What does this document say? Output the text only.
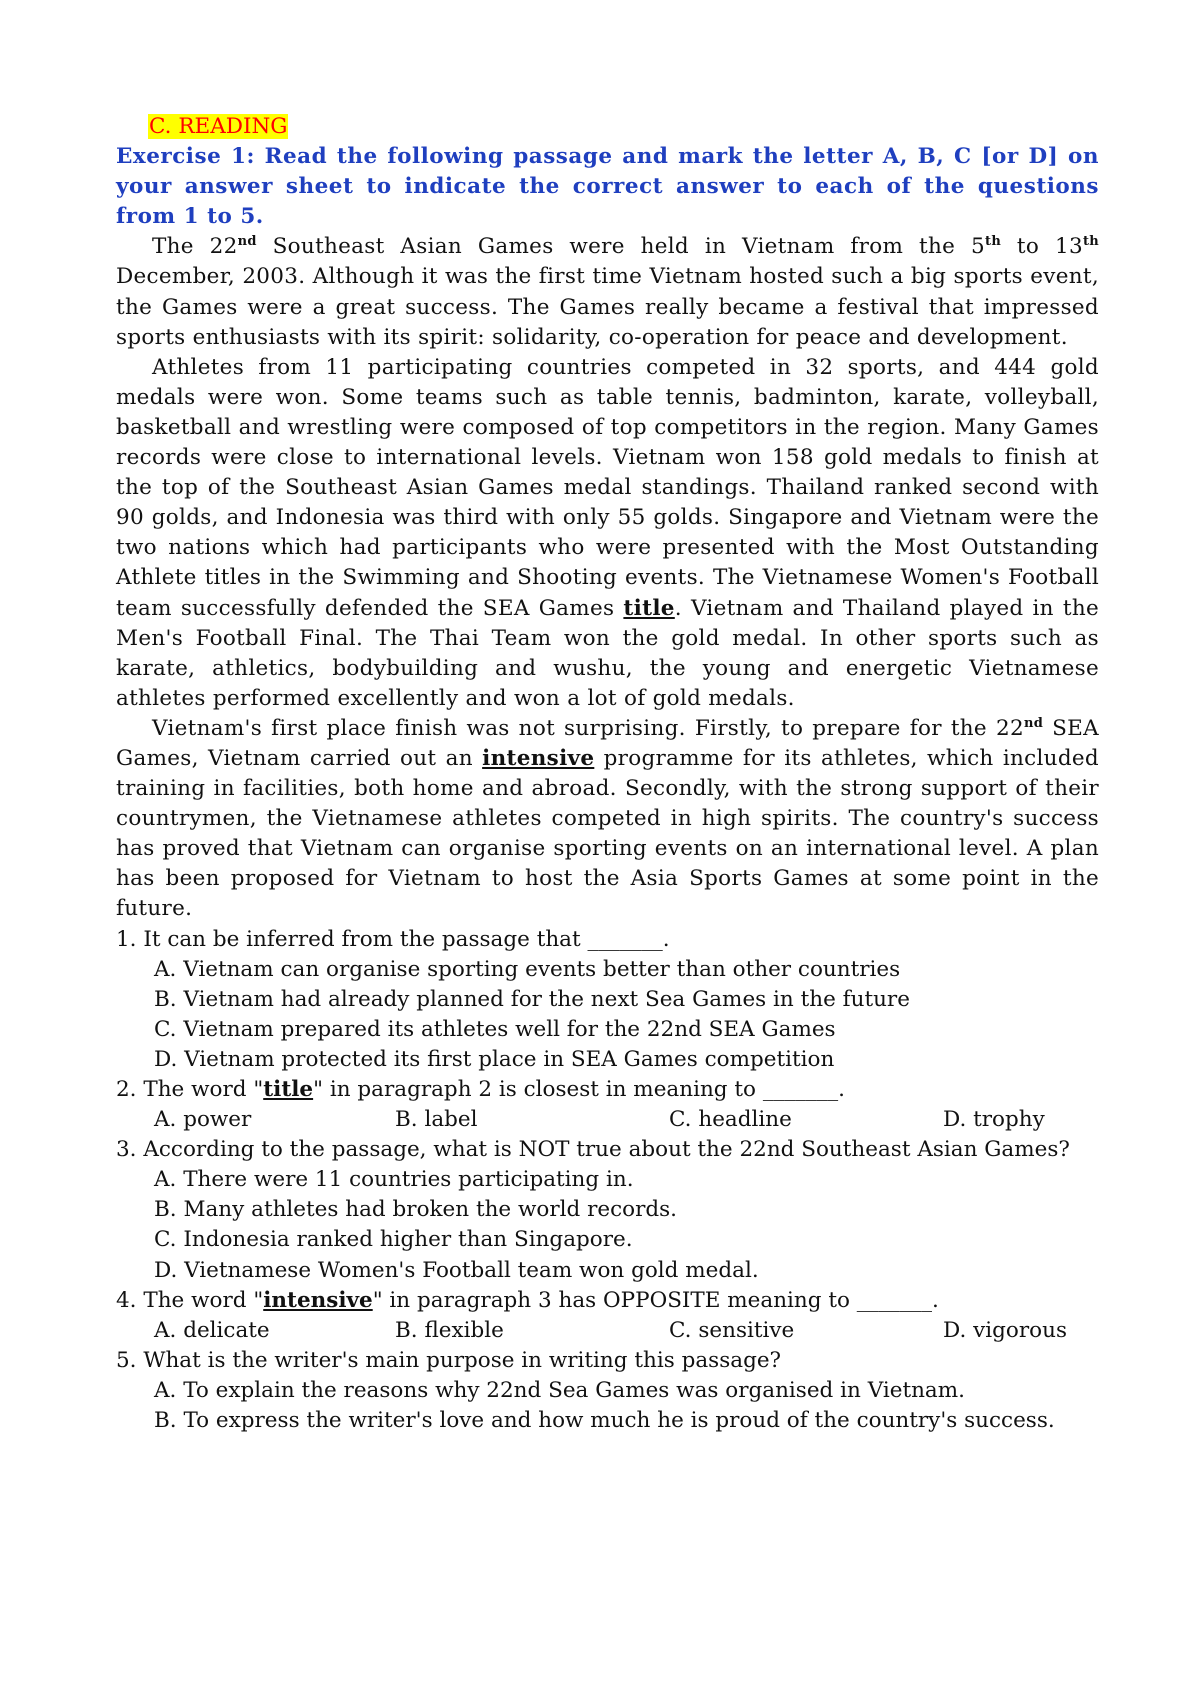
C. READING

Exercise 1: Read the following passage and mark the letter A, B, C [or D] on your answer sheet to indicate the correct answer to each of the questions from 1 to 5.

The 22nd Southeast Asian Games were held in Vietnam from the 5th to 13th December, 2003. Although it was the first time Vietnam hosted such a big sports event, the Games were a great success. The Games really became a festival that impressed sports enthusiasts with its spirit: solidarity, co-operation for peace and development.

Athletes from 11 participating countries competed in 32 sports, and 444 gold medals were won. Some teams such as table tennis, badminton, karate, volleyball, basketball and wrestling were composed of top competitors in the region. Many Games records were close to international levels. Vietnam won 158 gold medals to finish at the top of the Southeast Asian Games medal standings. Thailand ranked second with 90 golds, and Indonesia was third with only 55 golds. Singapore and Vietnam were the two nations which had participants who were presented with the Most Outstanding Athlete titles in the Swimming and Shooting events. The Vietnamese Women's Football team successfully defended the SEA Games title. Vietnam and Thailand played in the Men's Football Final. The Thai Team won the gold medal. In other sports such as karate, athletics, bodybuilding and wushu, the young and energetic Vietnamese athletes performed excellently and won a lot of gold medals.

Vietnam's first place finish was not surprising. Firstly, to prepare for the 22nd SEA Games, Vietnam carried out an intensive programme for its athletes, which included training in facilities, both home and abroad. Secondly, with the strong support of their countrymen, the Vietnamese athletes competed in high spirits. The country's success has proved that Vietnam can organise sporting events on an international level. A plan has been proposed for Vietnam to host the Asia Sports Games at some point in the future.

1. It can be inferred from the passage that _______.

A. Vietnam can organise sporting events better than other countries

B. Vietnam had already planned for the next Sea Games in the future

C. Vietnam prepared its athletes well for the 22nd SEA Games

D. Vietnam protected its first place in SEA Games competition

2. The word "title" in paragraph 2 is closest in meaning to _______.

A. power	B. label	C. headline	D. trophy

3. According to the passage, what is NOT true about the 22nd Southeast Asian Games?

A. There were 11 countries participating in.

B. Many athletes had broken the world records.

C. Indonesia ranked higher than Singapore.

D. Vietnamese Women's Football team won gold medal.

4. The word "intensive" in paragraph 3 has OPPOSITE meaning to _______.

A. delicate	B. flexible	C. sensitive	D. vigorous

5. What is the writer's main purpose in writing this passage?

A. To explain the reasons why 22nd Sea Games was organised in Vietnam.

B. To express the writer's love and how much he is proud of the country's success.
